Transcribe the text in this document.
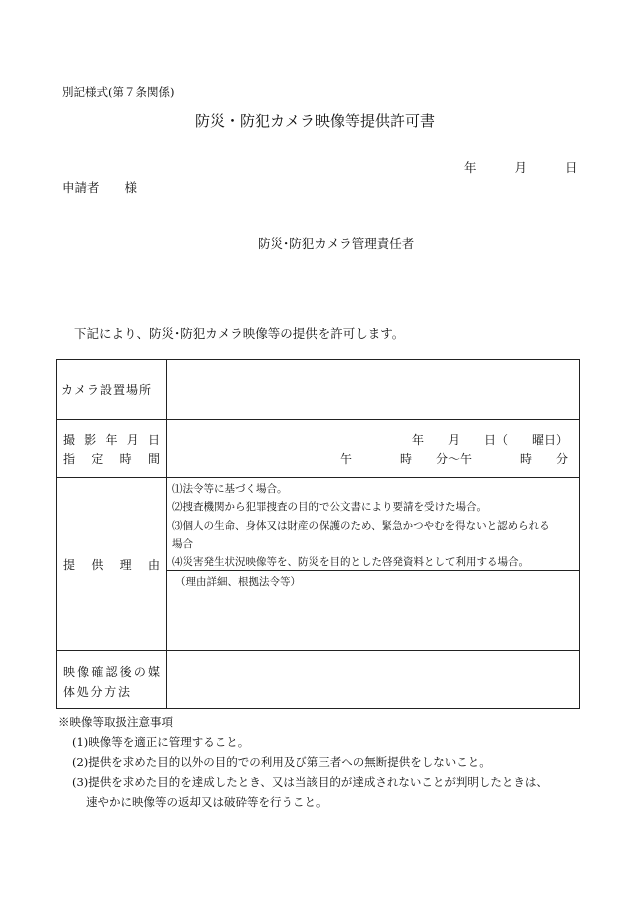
別記様式(第７条関係)
防災・防犯カメラ映像等提供許可書
年	月	日
申請者　　様
防災･防犯カメラ管理責任者
下記により、防災･防犯カメラ映像等の提供を許可します。
カメラ設置場所
撮影年月日
指定時間
年　　月　　日（　　曜日）
午　　　　時　　分～午　　　　時　　分
提供理由
⑴法令等に基づく場合。
⑵捜査機関から犯罪捜査の目的で公文書により要請を受けた場合。
⑶個人の生命、身体又は財産の保護のため、緊急かつやむを得ないと認められる
場合
⑷災害発生状況映像等を、防災を目的とした啓発資料として利用する場合。
（理由詳細、根拠法令等）
映像確認後の媒
体処分方法
※映像等取扱注意事項
(1)映像等を適正に管理すること。
(2)提供を求めた目的以外の目的での利用及び第三者への無断提供をしないこと。
(3)提供を求めた目的を達成したとき、又は当該目的が達成されないことが判明したときは、
速やかに映像等の返却又は破砕等を行うこと。
